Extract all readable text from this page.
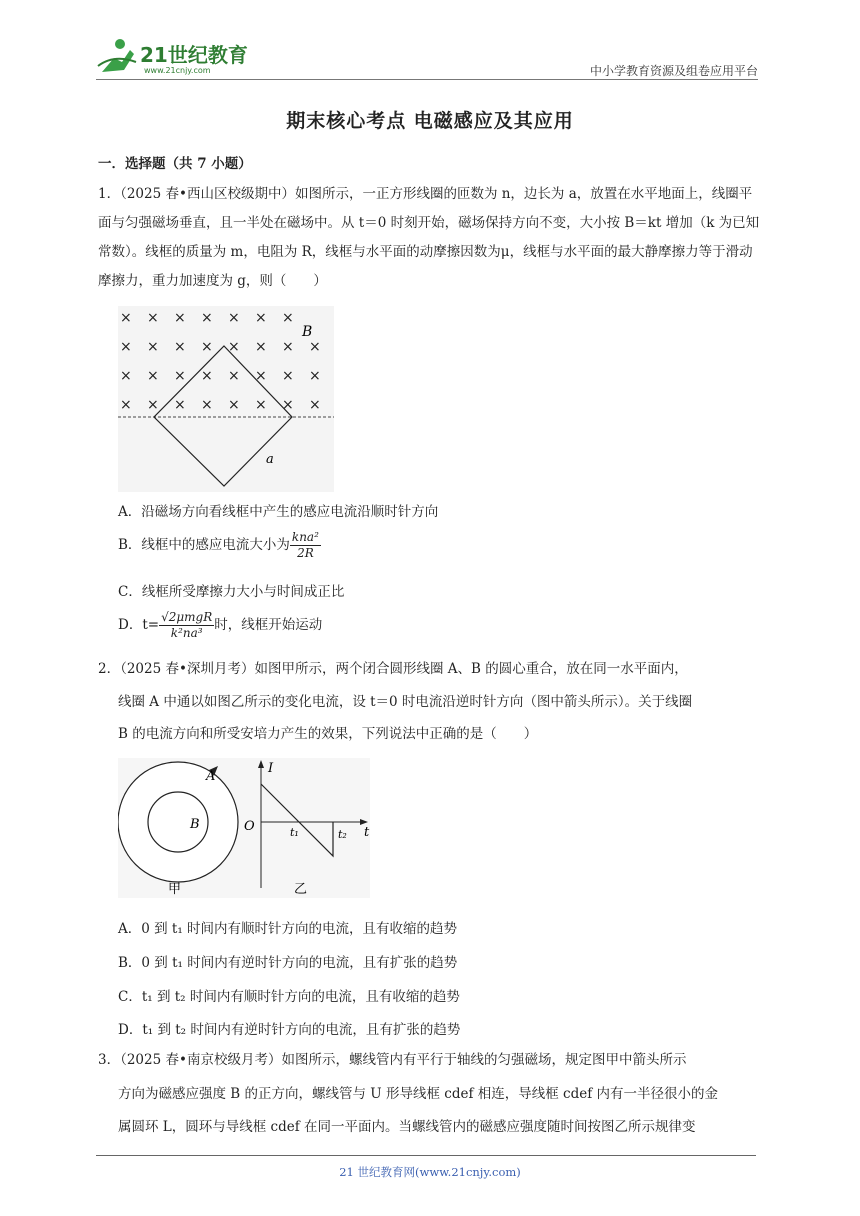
21世纪教育
www.21cnjy.com	中小学教育资源及组卷应用平台
期末核心考点 电磁感应及其应用
一．选择题（共 7 小题）
1．（2025 春•西山区校级期中）如图所示，一正方形线圈的匝数为 n，边长为 a，放置在水平地面上，线圈平面与匀强磁场垂直，且一半处在磁场中。从 t＝0 时刻开始，磁场保持方向不变，大小按 B＝kt 增加（k 为已知常数）。线框的质量为 m，电阻为 R，线框与水平面的动摩擦因数为μ，线框与水平面的最大静摩擦力等于滑动摩擦力，重力加速度为 g，则（　　）
× × × × × × ×
× × × × × × × ×
× × × × × × × ×
× × × × × × × ×
B
a
A．沿磁场方向看线框中产生的感应电流沿顺时针方向
B．线框中的感应电流大小为 $\frac{\text{kna²}}{2R}$
C．线框所受摩擦力大小与时间成正比
D．$t= \frac{\text{√2μmgR}}{\text{k²na³}}$ 时，线框开始运动
2．（2025 春•深圳月考）如图甲所示，两个闭合圆形线圈 A、B 的圆心重合，放在同一水平面内，
线圈 A 中通以如图乙所示的变化电流，设 t＝0 时电流沿逆时针方向（图中箭头所示）。关于线圈
B 的电流方向和所受安培力产生的效果，下列说法中正确的是（　　）
A
B
甲
I
O	t
t₁	t₂
乙
A．0 到 t₁ 时间内有顺时针方向的电流，且有收缩的趋势
B．0 到 t₁ 时间内有逆时针方向的电流，且有扩张的趋势
C．t₁ 到 t₂ 时间内有顺时针方向的电流，且有收缩的趋势
D．t₁ 到 t₂ 时间内有逆时针方向的电流，且有扩张的趋势
3．（2025 春•南京校级月考）如图所示，螺线管内有平行于轴线的匀强磁场，规定图甲中箭头所示
方向为磁感应强度 B 的正方向，螺线管与 U 形导线框 cdef 相连，导线框 cdef 内有一半径很小的金
属圆环 L，圆环与导线框 cdef 在同一平面内。当螺线管内的磁感应强度随时间按图乙所示规律变
21 世纪教育网(www.21cnjy.com)
